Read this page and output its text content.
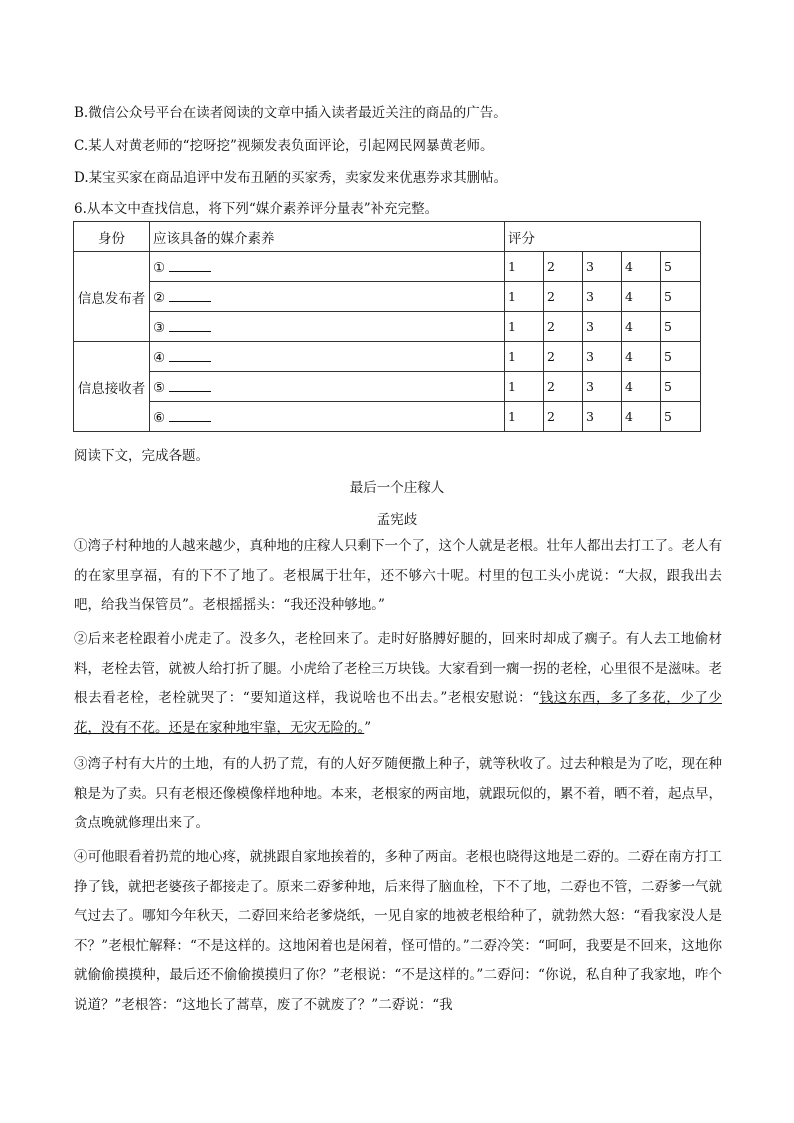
B.微信公众号平台在读者阅读的文章中插入读者最近关注的商品的广告。
C.某人对黄老师的“挖呀挖”视频发表负面评论，引起网民网暴黄老师。
D.某宝买家在商品追评中发布丑陋的买家秀，卖家发来优惠券求其删帖。
6.从本文中查找信息，将下列“媒介素养评分量表”补充完整。
身份	应该具备的媒介素养	评分				
信息发布者	①	1	2	3	4	5
	②	1	2	3	4	5
	③	1	2	3	4	5
信息接收者	④	1	2	3	4	5
	⑤	1	2	3	4	5
	⑥	1	2	3	4	5
阅读下文，完成各题。
最后一个庄稼人
孟宪歧
①湾子村种地的人越来越少，真种地的庄稼人只剩下一个了，这个人就是老根。壮年人都出去打工了。老人有的在家里享福，有的下不了地了。老根属于壮年，还不够六十呢。村里的包工头小虎说：“大叔，跟我出去吧，给我当保管员”。老根摇摇头：“我还没种够地。”
②后来老栓跟着小虎走了。没多久，老栓回来了。走时好胳膊好腿的，回来时却成了瘸子。有人去工地偷材料，老栓去管，就被人给打折了腿。小虎给了老栓三万块钱。大家看到一瘸一拐的老栓，心里很不是滋味。老根去看老栓，老栓就哭了：“要知道这样，我说啥也不出去。”老根安慰说：“钱这东西，多了多花，少了少花，没有不花。还是在家种地牢靠，无灾无险的。”
③湾子村有大片的土地，有的人扔了荒，有的人好歹随便撒上种子，就等秋收了。过去种粮是为了吃，现在种粮是为了卖。只有老根还像模像样地种地。本来，老根家的两亩地，就跟玩似的，累不着，晒不着，起点早，贪点晚就修理出来了。
④可他眼看着扔荒的地心疼，就挑跟自家地挨着的，多种了两亩。老根也晓得这地是二孬的。二孬在南方打工挣了钱，就把老婆孩子都接走了。原来二孬爹种地，后来得了脑血栓，下不了地，二孬也不管，二孬爹一气就气过去了。哪知今年秋天，二孬回来给老爹烧纸，一见自家的地被老根给种了，就勃然大怒：“看我家没人是不？”老根忙解释：“不是这样的。这地闲着也是闲着，怪可惜的。”二孬冷笑：“呵呵，我要是不回来，这地你就偷偷摸摸种，最后还不偷偷摸摸归了你？”老根说：“不是这样的。”二孬问：“你说，私自种了我家地，咋个说道？”老根答：“这地长了蒿草，废了不就废了？”二孬说：“我
